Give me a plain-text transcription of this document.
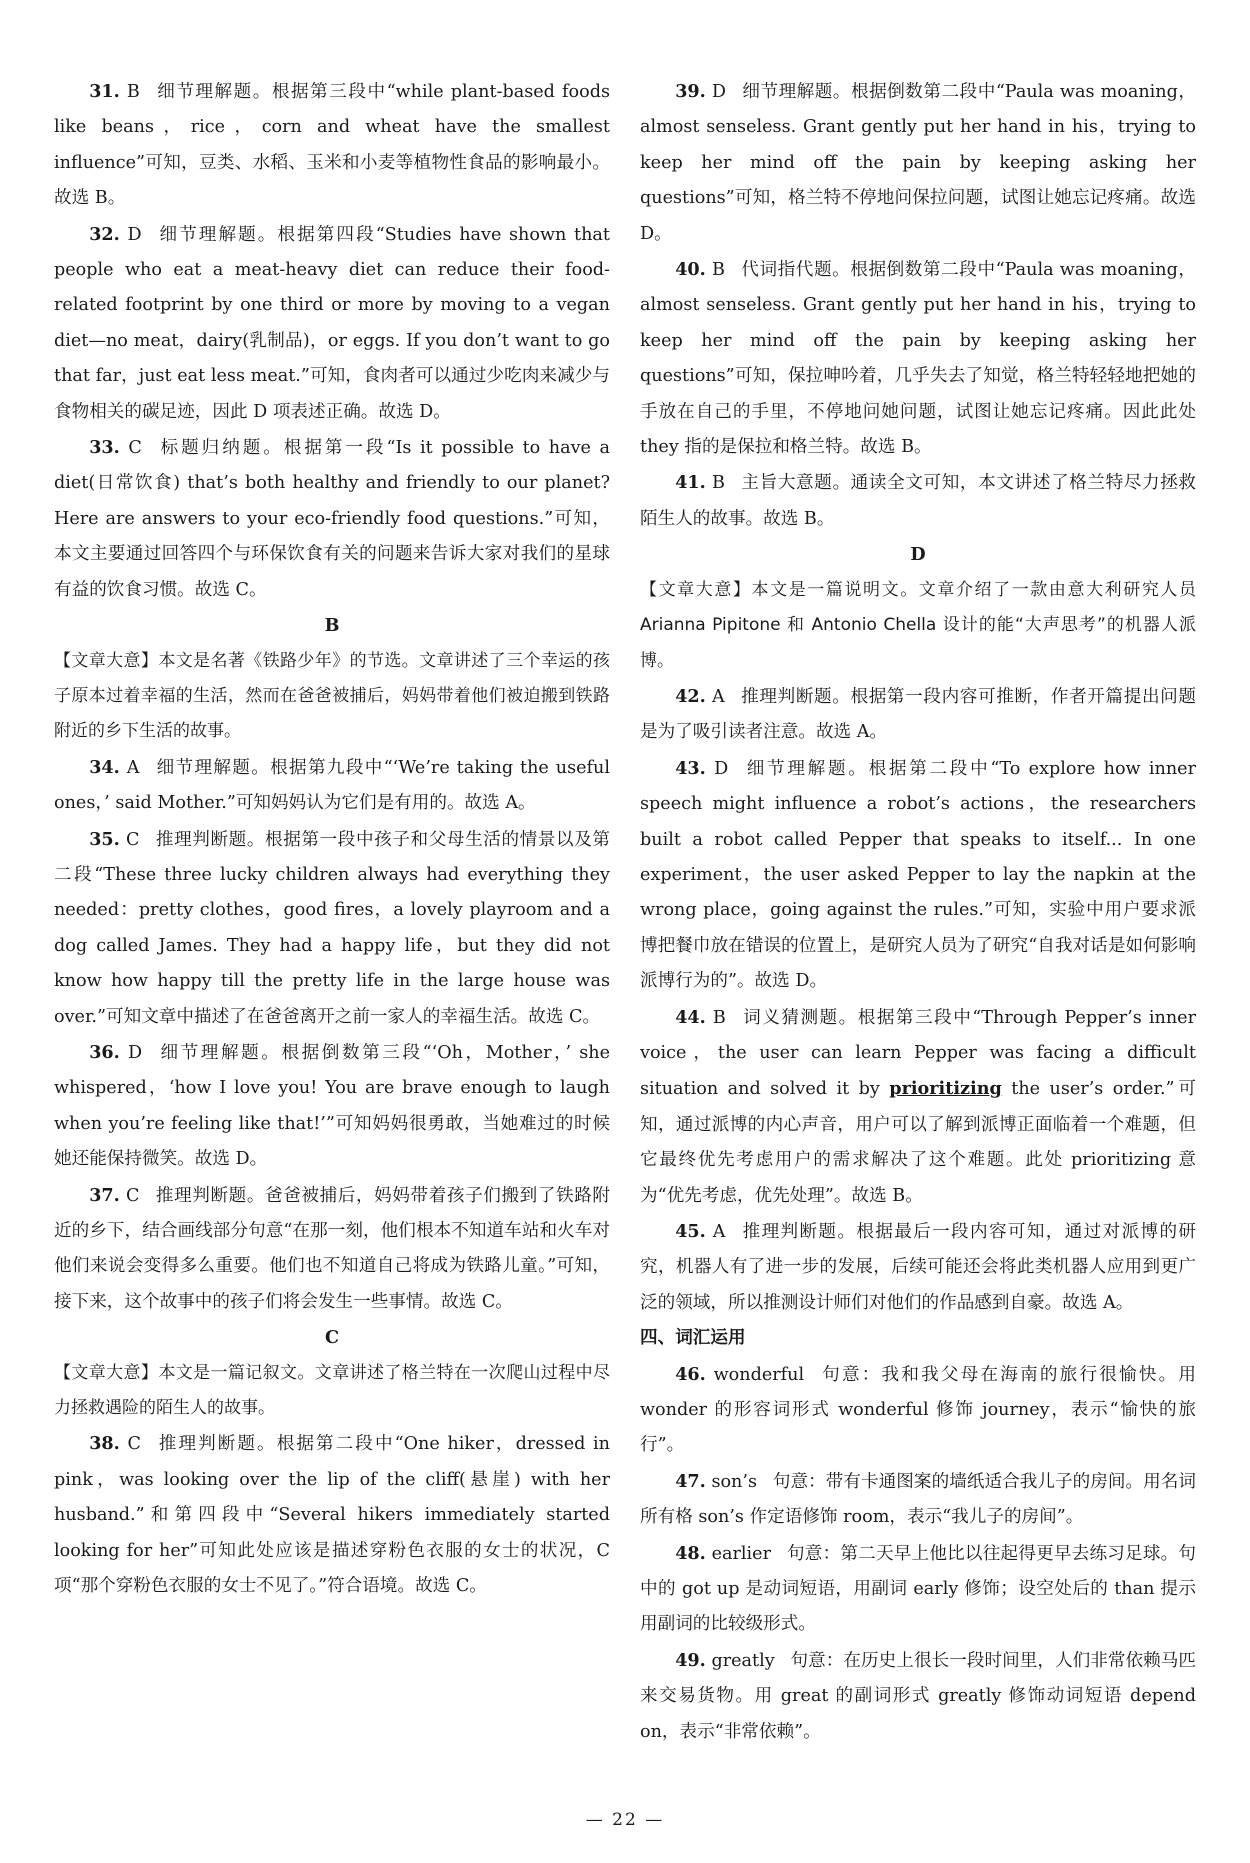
31. B 细节理解题。根据第三段中“while plant-based foods like beans，rice，corn and wheat have the smallest influence”可知，豆类、水稻、玉米和小麦等植物性食品的影响最小。故选 B。

32. D 细节理解题。根据第四段“Studies have shown that people who eat a meat-heavy diet can reduce their food-related footprint by one third or more by moving to a vegan diet—no meat，dairy(乳制品)，or eggs. If you don’t want to go that far，just eat less meat.”可知，食肉者可以通过少吃肉来减少与食物相关的碳足迹，因此 D 项表述正确。故选 D。

33. C 标题归纳题。根据第一段“Is it possible to have a diet(日常饮食) that’s both healthy and friendly to our planet? Here are answers to your eco-friendly food questions.”可知，本文主要通过回答四个与环保饮食有关的问题来告诉大家对我们的星球有益的饮食习惯。故选 C。

B

【文章大意】本文是名著《铁路少年》的节选。文章讲述了三个幸运的孩子原本过着幸福的生活，然而在爸爸被捕后，妈妈带着他们被迫搬到铁路附近的乡下生活的故事。

34. A 细节理解题。根据第九段中“‘We’re taking the useful ones，’ said Mother.”可知妈妈认为它们是有用的。故选 A。

35. C 推理判断题。根据第一段中孩子和父母生活的情景以及第二段“These three lucky children always had everything they needed：pretty clothes，good fires，a lovely playroom and a dog called James. They had a happy life，but they did not know how happy till the pretty life in the large house was over.”可知文章中描述了在爸爸离开之前一家人的幸福生活。故选 C。

36. D 细节理解题。根据倒数第三段“‘Oh，Mother，’ she whispered，‘how I love you! You are brave enough to laugh when you’re feeling like that!’”可知妈妈很勇敢，当她难过的时候她还能保持微笑。故选 D。

37. C 推理判断题。爸爸被捕后，妈妈带着孩子们搬到了铁路附近的乡下，结合画线部分句意“在那一刻，他们根本不知道车站和火车对他们来说会变得多么重要。他们也不知道自己将成为铁路儿童。”可知，接下来，这个故事中的孩子们将会发生一些事情。故选 C。

C

【文章大意】本文是一篇记叙文。文章讲述了格兰特在一次爬山过程中尽力拯救遇险的陌生人的故事。

38. C 推理判断题。根据第二段中“One hiker，dressed in pink，was looking over the lip of the cliff(悬崖) with her husband.”和第四段中“Several hikers immediately started looking for her”可知此处应该是描述穿粉色衣服的女士的状况，C 项“那个穿粉色衣服的女士不见了。”符合语境。故选 C。

39. D 细节理解题。根据倒数第二段中“Paula was moaning，almost senseless. Grant gently put her hand in his，trying to keep her mind off the pain by keeping asking her questions”可知，格兰特不停地问保拉问题，试图让她忘记疼痛。故选 D。

40. B 代词指代题。根据倒数第二段中“Paula was moaning，almost senseless. Grant gently put her hand in his，trying to keep her mind off the pain by keeping asking her questions”可知，保拉呻吟着，几乎失去了知觉，格兰特轻轻地把她的手放在自己的手里，不停地问她问题，试图让她忘记疼痛。因此此处 they 指的是保拉和格兰特。故选 B。

41. B 主旨大意题。通读全文可知，本文讲述了格兰特尽力拯救陌生人的故事。故选 B。

D

【文章大意】本文是一篇说明文。文章介绍了一款由意大利研究人员 Arianna Pipitone 和 Antonio Chella 设计的能“大声思考”的机器人派博。

42. A 推理判断题。根据第一段内容可推断，作者开篇提出问题是为了吸引读者注意。故选 A。

43. D 细节理解题。根据第二段中“To explore how inner speech might influence a robot’s actions，the researchers built a robot called Pepper that speaks to itself... In one experiment，the user asked Pepper to lay the napkin at the wrong place，going against the rules.”可知，实验中用户要求派博把餐巾放在错误的位置上，是研究人员为了研究“自我对话是如何影响派博行为的”。故选 D。

44. B 词义猜测题。根据第三段中“Through Pepper’s inner voice，the user can learn Pepper was facing a difficult situation and solved it by prioritizing the user’s order.”可知，通过派博的内心声音，用户可以了解到派博正面临着一个难题，但它最终优先考虑用户的需求解决了这个难题。此处 prioritizing 意为“优先考虑，优先处理”。故选 B。

45. A 推理判断题。根据最后一段内容可知，通过对派博的研究，机器人有了进一步的发展，后续可能还会将此类机器人应用到更广泛的领域，所以推测设计师们对他们的作品感到自豪。故选 A。

四、词汇运用

46. wonderful 句意：我和我父母在海南的旅行很愉快。用 wonder 的形容词形式 wonderful 修饰 journey，表示“愉快的旅行”。

47. son’s 句意：带有卡通图案的墙纸适合我儿子的房间。用名词所有格 son’s 作定语修饰 room，表示“我儿子的房间”。

48. earlier 句意：第二天早上他比以往起得更早去练习足球。句中的 got up 是动词短语，用副词 early 修饰；设空处后的 than 提示用副词的比较级形式。

49. greatly 句意：在历史上很长一段时间里，人们非常依赖马匹来交易货物。用 great 的副词形式 greatly 修饰动词短语 depend on，表示“非常依赖”。

— 22 —
